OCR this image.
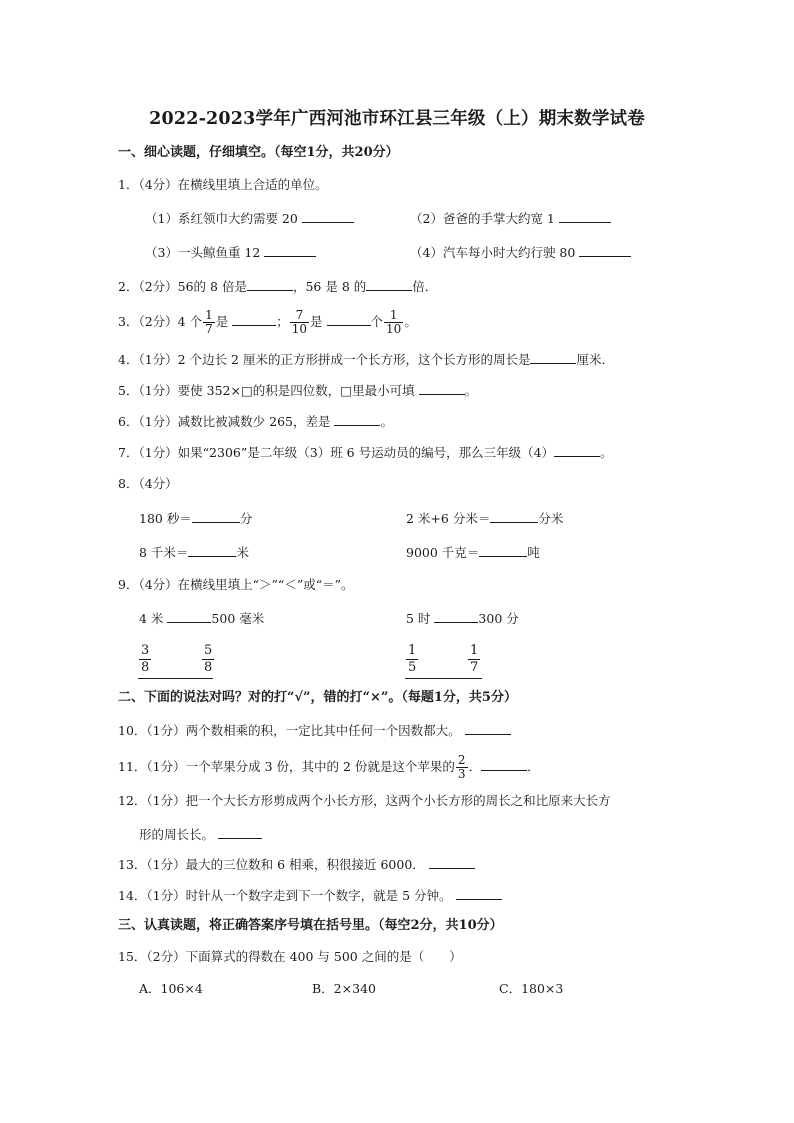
2022-2023学年广西河池市环江县三年级（上）期末数学试卷
一、细心读题，仔细填空。（每空1分，共20分）
1．（4分）在横线里填上合适的单位。
（1）系红领巾大约需要 20	（2）爸爸的手掌大约宽 1
（3）一头鲸鱼重 12	（4）汽车每小时大约行驶 80
2．（2分）56的 8 倍是	，56 是 8 的	倍．
3．（2分）4 个 $\frac{1}{7}$ 是	； $\frac{7}{10}$ 是	个 $\frac{1}{10}$ 。
4．（1分）2 个边长 2 厘米的正方形拼成一个长方形，这个长方形的周长是	厘米．
5．（1分）要使 352×□的积是四位数，□里最小可填	。
6．（1分）减数比被减数少 265，差是	。
7．（1分）如果“2306”是二年级（3）班 6 号运动员的编号，那么三年级（4）	。
8．（4分）
180 秒＝	分	2 米+6 分米＝	分米
8 千米＝	米	9000 千克＝	吨
9．（4分）在横线里填上“＞”“＜”或“＝”。
4 米	500 毫米	5 时	300 分
$\frac{3}{8}$	$\frac{5}{8}$	$\frac{1}{5}$	$\frac{1}{7}$
二、下面的说法对吗？对的打“√”，错的打“×”。（每题1分，共5分）
10．（1分）两个数相乘的积，一定比其中任何一个因数都大。
11．（1分）一个苹果分成 3 份，其中的 2 份就是这个苹果的 $\frac{2}{3}$ ．	．
12．（1分）把一个大长方形剪成两个小长方形，这两个小长方形的周长之和比原来大长方
形的周长长。
13．（1分）最大的三位数和 6 相乘，积很接近 6000．
14．（1分）时针从一个数字走到下一个数字，就是 5 分钟。
三、认真读题，将正确答案序号填在括号里。（每空2分，共10分）
15．（2分）下面算式的得数在 400 与 500 之间的是（　　）
A．106×4	B．2×340	C．180×3
